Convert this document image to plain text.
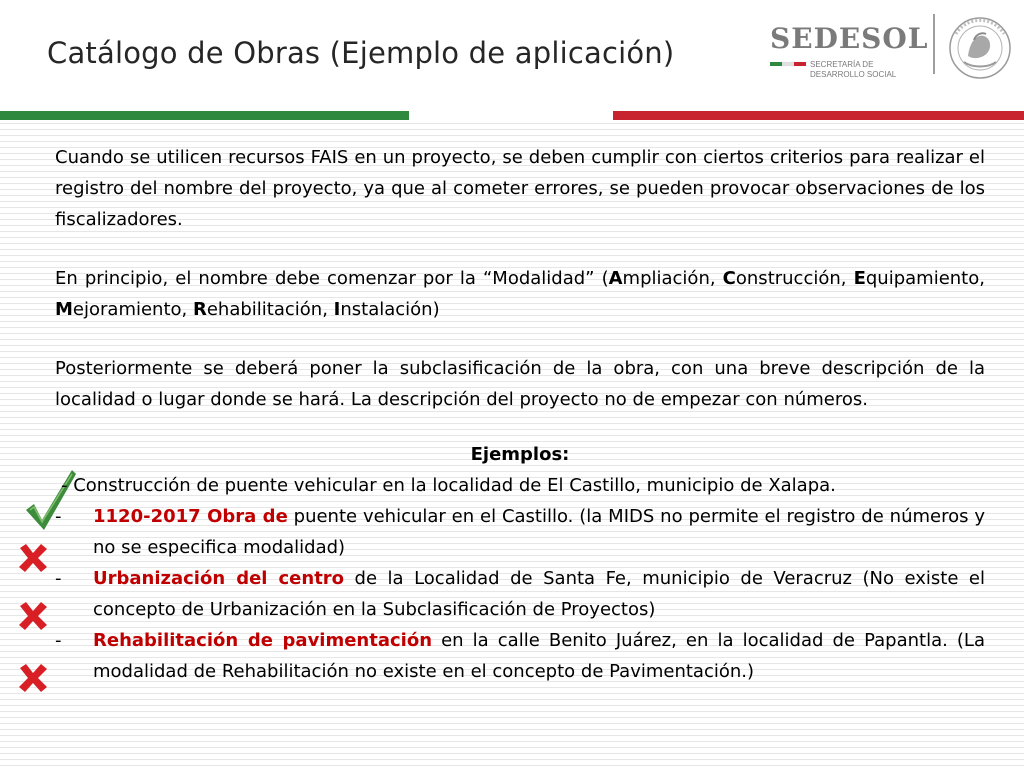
Catálogo de Obras (Ejemplo de aplicación)	SEDESOL
SECRETARÍA DE
DESARROLLO SOCIAL

Cuando se utilicen recursos FAIS en un proyecto, se deben cumplir con ciertos criterios para realizar el registro del nombre del proyecto, ya que al cometer errores, se pueden provocar observaciones de los fiscalizadores.

En principio, el nombre debe comenzar por la “Modalidad” (Ampliación, Construcción, Equipamiento, Mejoramiento, Rehabilitación, Instalación)

Posteriormente se deberá poner la subclasificación de la obra, con una breve descripción de la localidad o lugar donde se hará. La descripción del proyecto no de empezar con números.

Ejemplos:

- Construcción de puente vehicular en la localidad de El Castillo, municipio de Xalapa.

-	1120-2017 Obra de puente vehicular en el Castillo. (la MIDS no permite el registro de números y no se especifica modalidad)
-	Urbanización del centro de la Localidad de Santa Fe, municipio de Veracruz (No existe el concepto de Urbanización en la Subclasificación de Proyectos)
-	Rehabilitación de pavimentación en la calle Benito Juárez, en la localidad de Papantla. (La modalidad de Rehabilitación no existe en el concepto de Pavimentación.)
